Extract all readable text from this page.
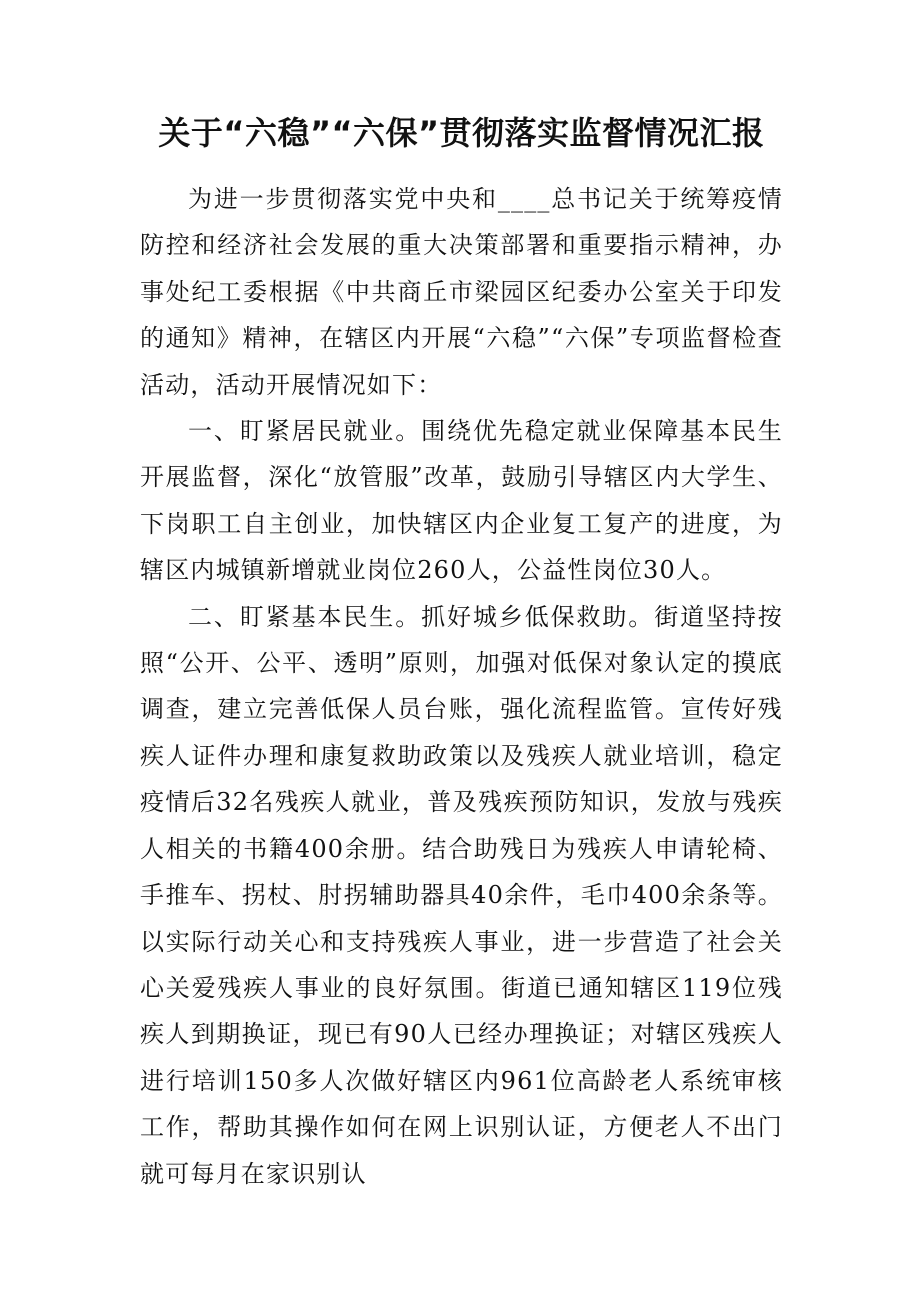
关于“六稳”“六保”贯彻落实监督情况汇报

为进一步贯彻落实党中央和____总书记关于统筹疫情防控和经济社会发展的重大决策部署和重要指示精神，办事处纪工委根据《中共商丘市梁园区纪委办公室关于印发的通知》精神，在辖区内开展“六稳”“六保”专项监督检查活动，活动开展情况如下：

一、盯紧居民就业。围绕优先稳定就业保障基本民生开展监督，深化“放管服”改革，鼓励引导辖区内大学生、下岗职工自主创业，加快辖区内企业复工复产的进度，为辖区内城镇新增就业岗位260人，公益性岗位30人。

二、盯紧基本民生。抓好城乡低保救助。街道坚持按照“公开、公平、透明”原则，加强对低保对象认定的摸底调查，建立完善低保人员台账，强化流程监管。宣传好残疾人证件办理和康复救助政策以及残疾人就业培训，稳定疫情后32名残疾人就业，普及残疾预防知识，发放与残疾人相关的书籍400余册。结合助残日为残疾人申请轮椅、手推车、拐杖、肘拐辅助器具40余件，毛巾400余条等。以实际行动关心和支持残疾人事业，进一步营造了社会关心关爱残疾人事业的良好氛围。街道已通知辖区119位残疾人到期换证，现已有90人已经办理换证；对辖区残疾人进行培训150多人次做好辖区内961位高龄老人系统审核工作，帮助其操作如何在网上识别认证，方便老人不出门就可每月在家识别认
